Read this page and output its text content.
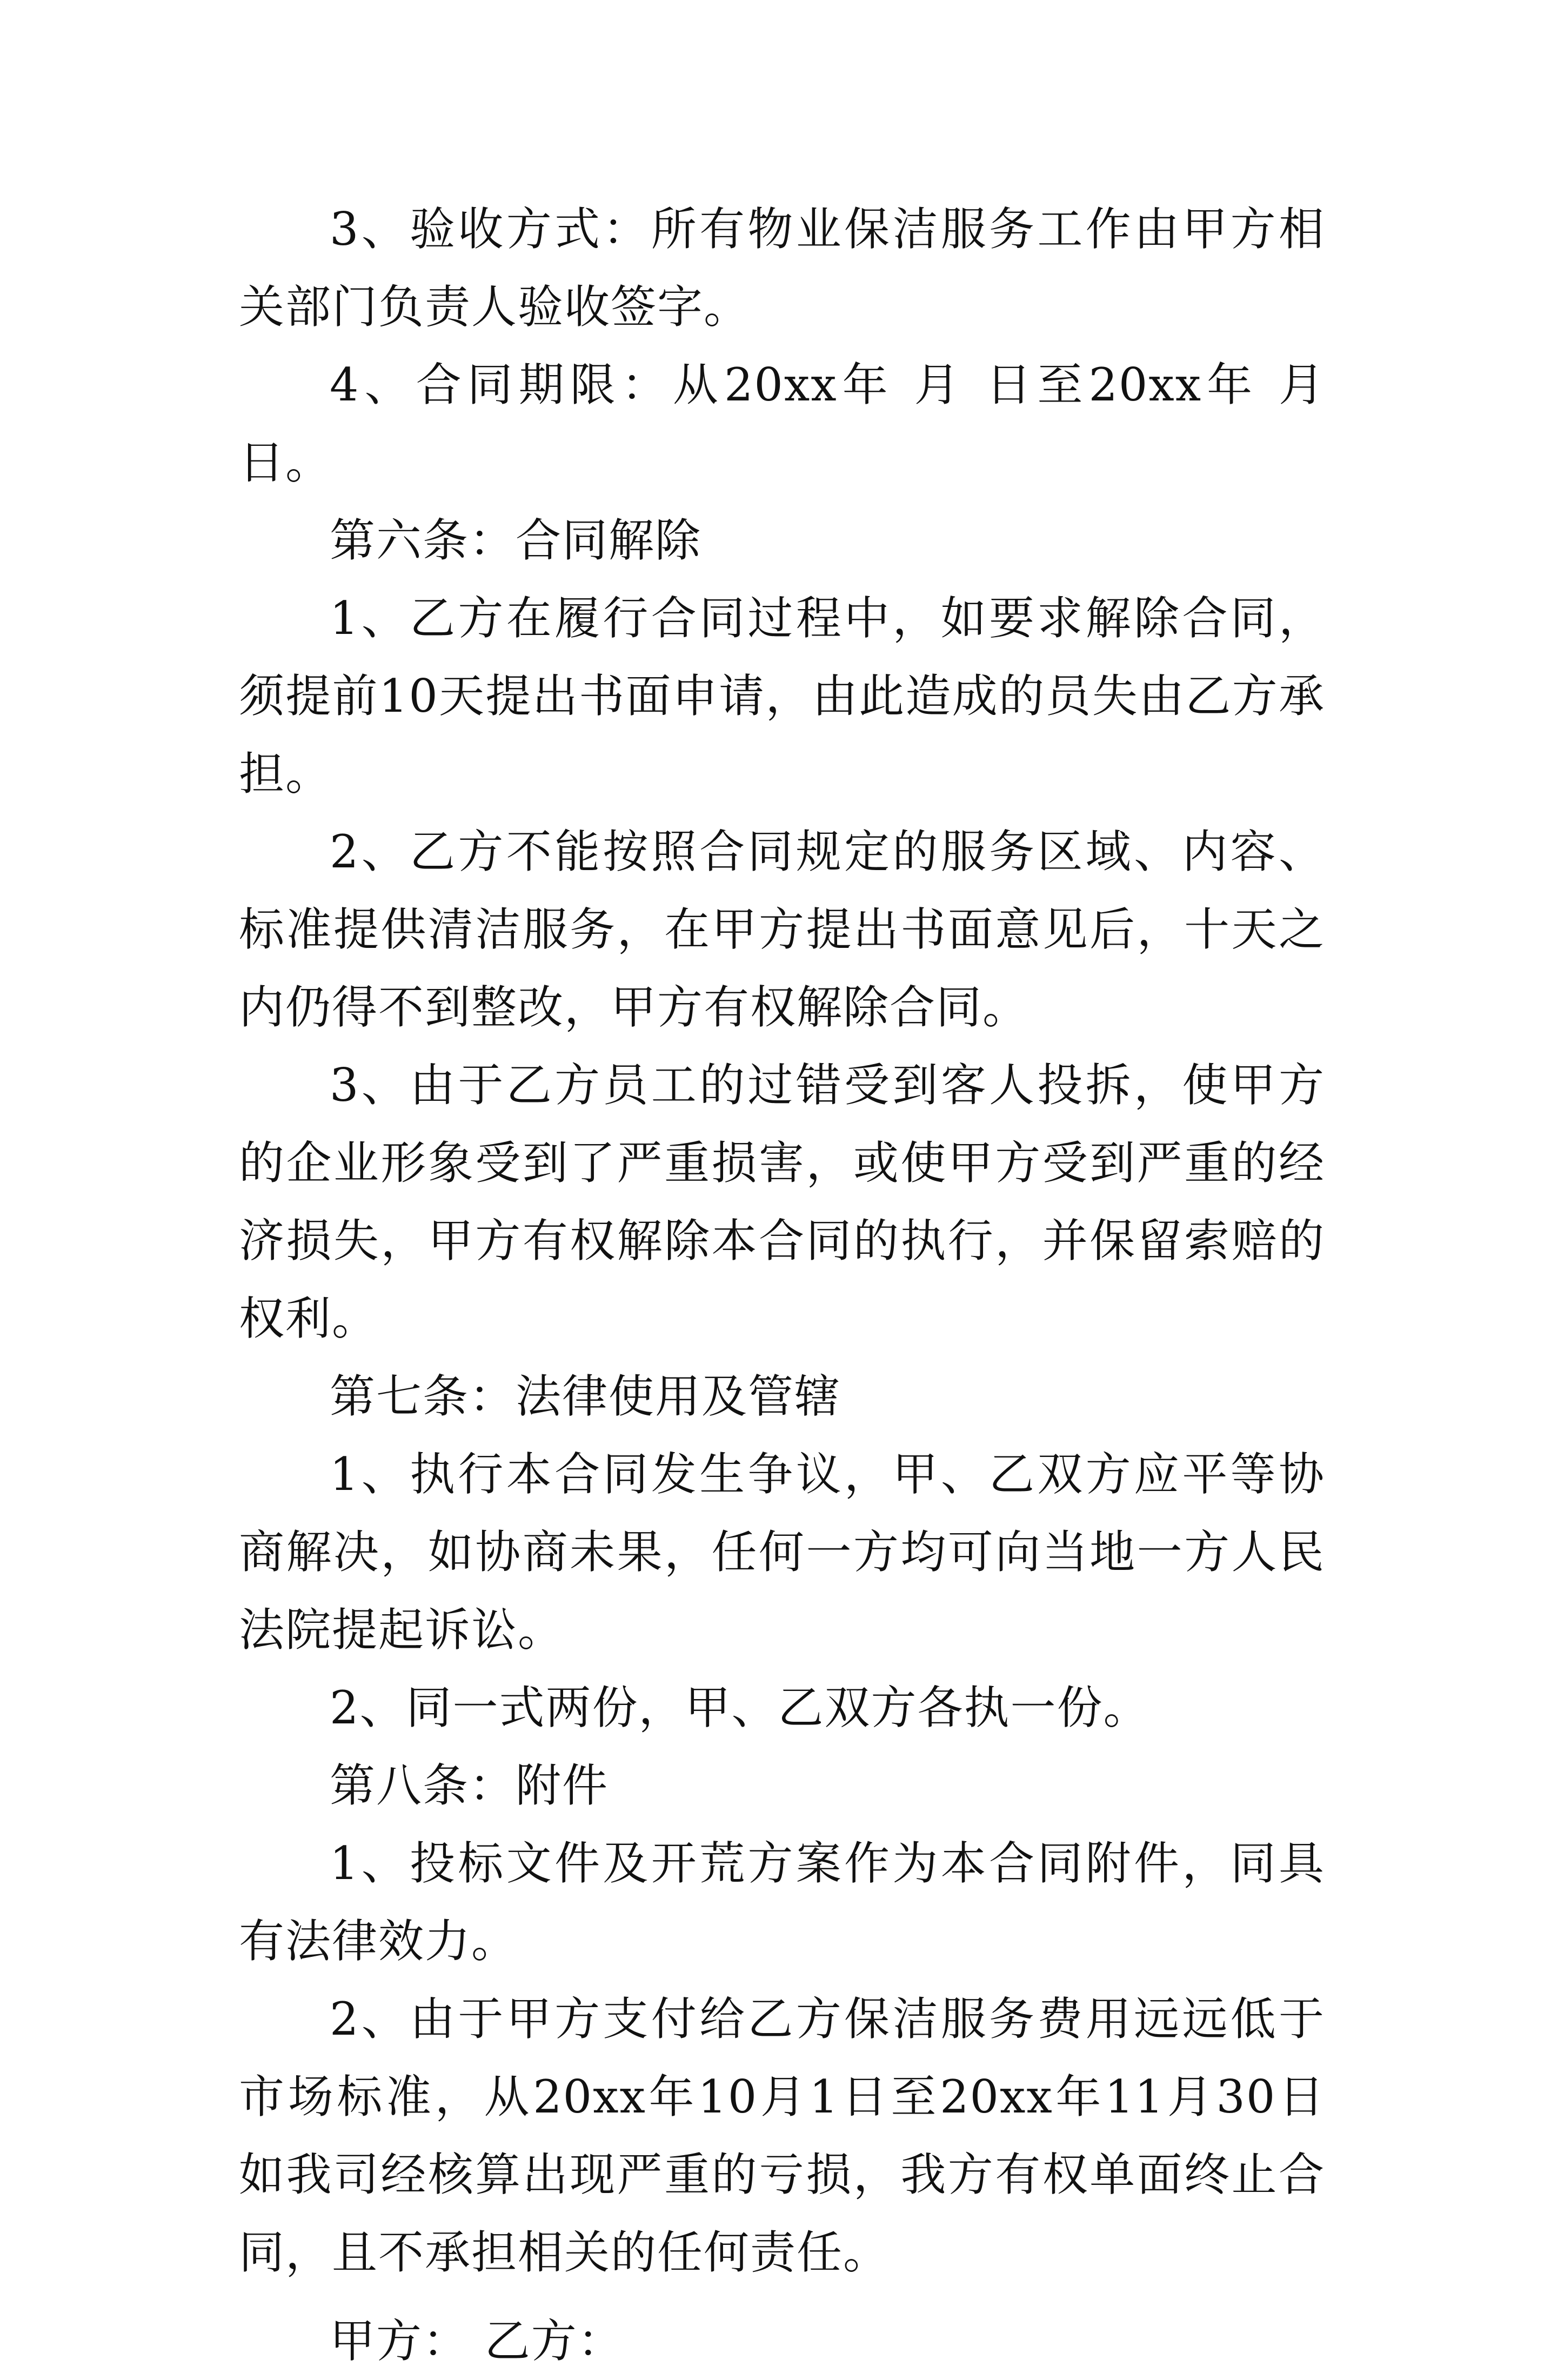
3、验收方式：所有物业保洁服务工作由甲方相关部门负责人验收签字。

4、合同期限：从20xx年 月 日至20xx年 月 日。

第六条：合同解除

1、乙方在履行合同过程中，如要求解除合同，须提前10天提出书面申请，由此造成的员失由乙方承担。

2、乙方不能按照合同规定的服务区域、内容、标准提供清洁服务，在甲方提出书面意见后，十天之内仍得不到整改，甲方有权解除合同。

3、由于乙方员工的过错受到客人投拆，使甲方的企业形象受到了严重损害，或使甲方受到严重的经济损失，甲方有权解除本合同的执行，并保留索赔的权利。

第七条：法律使用及管辖

1、执行本合同发生争议，甲、乙双方应平等协商解决，如协商未果，任何一方均可向当地一方人民法院提起诉讼。

2、同一式两份，甲、乙双方各执一份。

第八条：附件

1、投标文件及开荒方案作为本合同附件，同具有法律效力。

2、由于甲方支付给乙方保洁服务费用远远低于市场标准，从20xx年10月1日至20xx年11月30日如我司经核算出现严重的亏损，我方有权单面终止合同，且不承担相关的任何责任。

甲方： 乙方：
